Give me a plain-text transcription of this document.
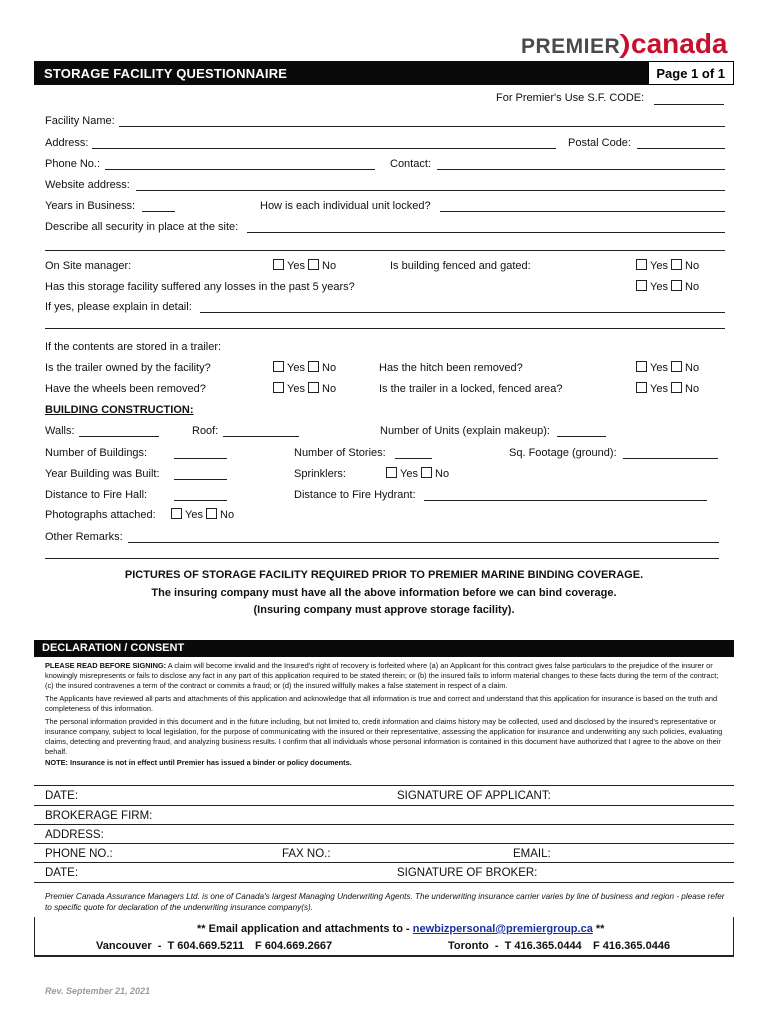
PREMIER canada
STORAGE FACILITY QUESTIONNAIRE	Page 1 of 1
For Premier's Use S.F. CODE:
Facility Name:
Address:	Postal Code:
Phone No.:	Contact:
Website address:
Years in Business:	How is each individual unit locked?
Describe all security in place at the site:
On Site manager:	Yes No	Is building fenced and gated:	Yes No
Has this storage facility suffered any losses in the past 5 years?	Yes No
If yes, please explain in detail:
If the contents are stored in a trailer:
Is the trailer owned by the facility?	Yes No	Has the hitch been removed?	Yes No
Have the wheels been removed?	Yes No	Is the trailer in a locked, fenced area?	Yes No
BUILDING CONSTRUCTION:
Walls:	Roof:	Number of Units (explain makeup):
Number of Buildings:	Number of Stories:	Sq. Footage (ground):
Year Building was Built:	Sprinklers:	Yes No
Distance to Fire Hall:	Distance to Fire Hydrant:
Photographs attached:	Yes No
Other Remarks:
PICTURES OF STORAGE FACILITY REQUIRED PRIOR TO PREMIER MARINE BINDING COVERAGE.
The insuring company must have all the above information before we can bind coverage.
(Insuring company must approve storage facility).
DECLARATION / CONSENT
PLEASE READ BEFORE SIGNING: A claim will become invalid and the Insured's right of recovery is forfeited where (a) an Applicant for this contract gives false particulars to the prejudice of the insurer or knowingly misrepresents or fails to disclose any fact in any part of this application required to be stated therein; or (b) the insured fails to inform material changes to these facts during the term of the contract; (c) the insured contravenes a term of the contract or commits a fraud; or (d) the insured willfully makes a false statement in respect of a claim.
The Applicants have reviewed all parts and attachments of this application and acknowledge that all information is true and correct and understand that this application for insurance is based on the truth and completeness of this information.
The personal information provided in this document and in the future including, but not limited to, credit information and claims history may be collected, used and disclosed by the insured's representative or insurance company, subject to local legislation, for the purpose of communicating with the insured or their representative, assessing the application for insurance and underwriting any such policies, evaluating claims, detecting and preventing fraud, and analyzing business results. I confirm that all individuals whose personal information is contained in this document have authorized that I agree to the above on their behalf.
NOTE: Insurance is not in effect until Premier has issued a binder or policy documents.
DATE:	SIGNATURE OF APPLICANT:
BROKERAGE FIRM:
ADDRESS:
PHONE NO.:	FAX NO.:	EMAIL:
DATE:	SIGNATURE OF BROKER:
Premier Canada Assurance Managers Ltd. is one of Canada's largest Managing Underwriting Agents. The underwriting insurance carrier varies by line of business and region - please refer to specific quote for declaration of the underwriting insurance company(s).
** Email application and attachments to - newbizpersonal@premiergroup.ca **
Vancouver  -  T 604.669.5211 F 604.669.2667	Toronto  -  T 416.365.0444 F 416.365.0446
Rev. September 21, 2021
